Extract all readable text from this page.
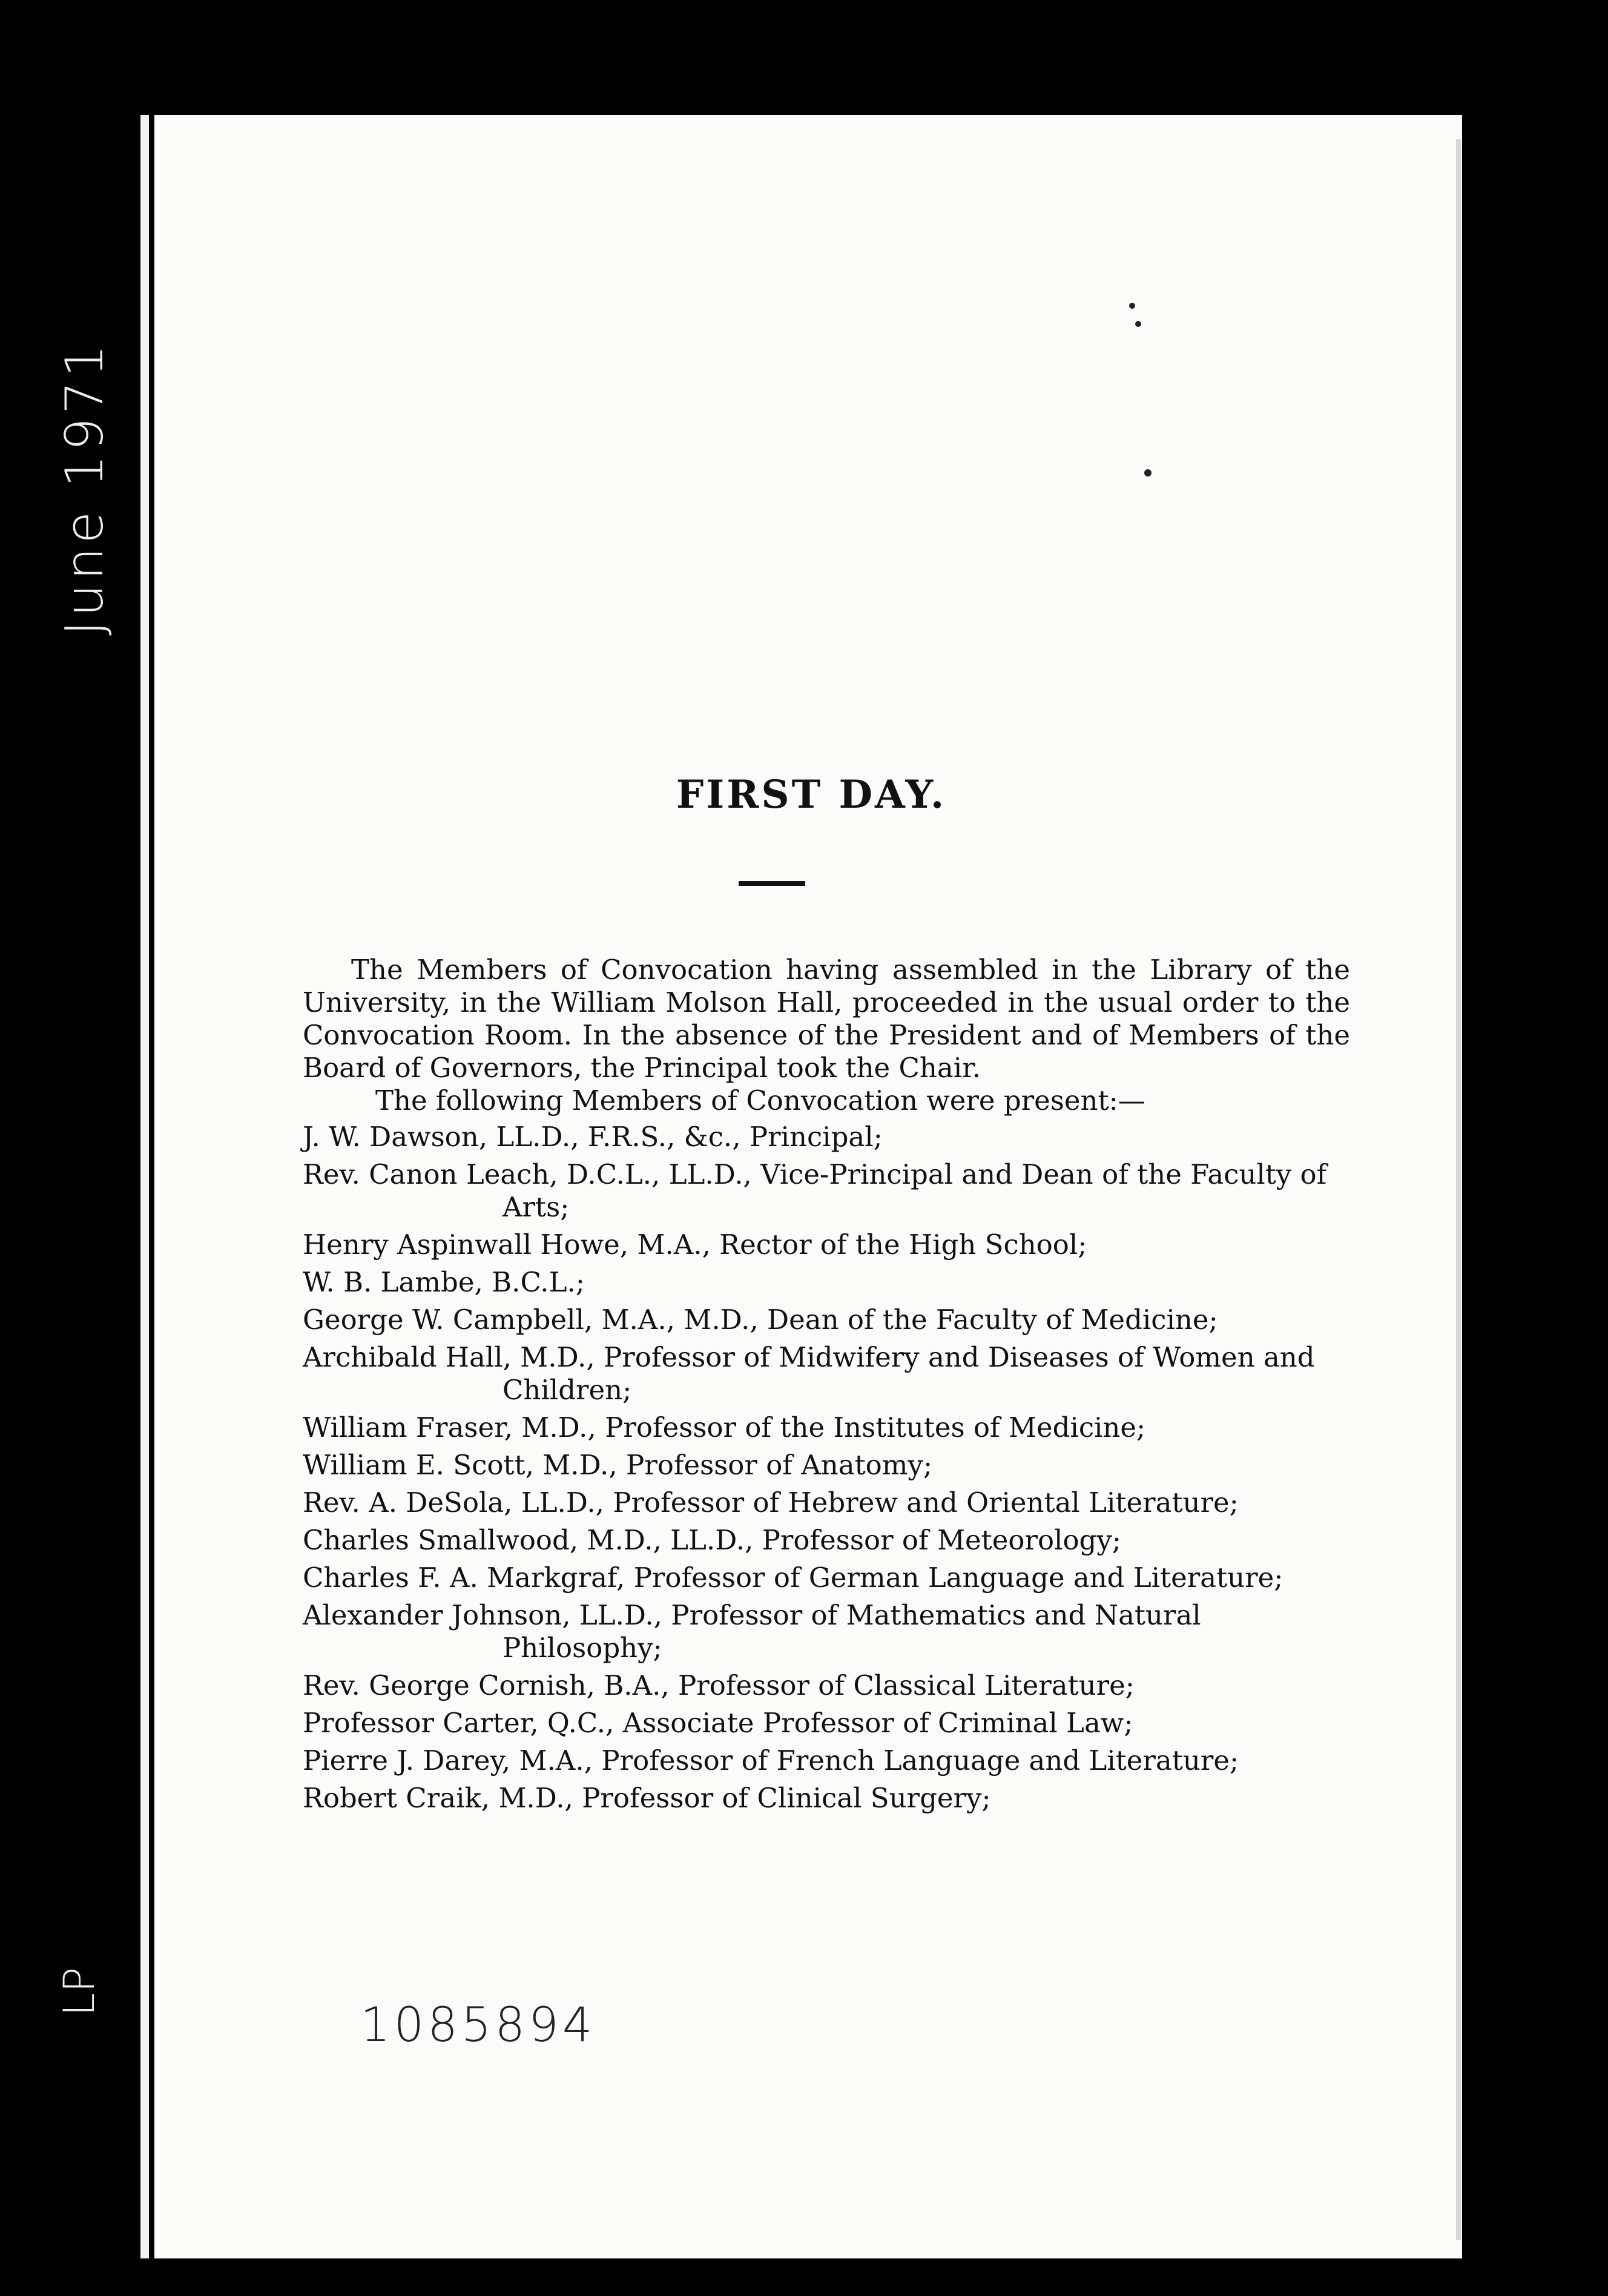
FIRST DAY.

The Members of Convocation having assembled in the Library of the University, in the William Molson Hall, proceeded in the usual order to the Convocation Room. In the absence of the President and of Members of the Board of Governors, the Principal took the Chair.

The following Members of Convocation were present:—

J. W. Dawson, LL.D., F.R.S., &c., Principal;
Rev. Canon Leach, D.C.L., LL.D., Vice-Principal and Dean of the Faculty of Arts;
Henry Aspinwall Howe, M.A., Rector of the High School;
W. B. Lambe, B.C.L.;
George W. Campbell, M.A., M.D., Dean of the Faculty of Medicine;
Archibald Hall, M.D., Professor of Midwifery and Diseases of Women and Children;
William Fraser, M.D., Professor of the Institutes of Medicine;
William E. Scott, M.D., Professor of Anatomy;
Rev. A. DeSola, LL.D., Professor of Hebrew and Oriental Literature;
Charles Smallwood, M.D., LL.D., Professor of Meteorology;
Charles F. A. Markgraf, Professor of German Language and Literature;
Alexander Johnson, LL.D., Professor of Mathematics and Natural Philosophy;
Rev. George Cornish, B.A., Professor of Classical Literature;
Professor Carter, Q.C., Associate Professor of Criminal Law;
Pierre J. Darey, M.A., Professor of French Language and Literature;
Robert Craik, M.D., Professor of Clinical Surgery;
June 1971
LP
1085894
